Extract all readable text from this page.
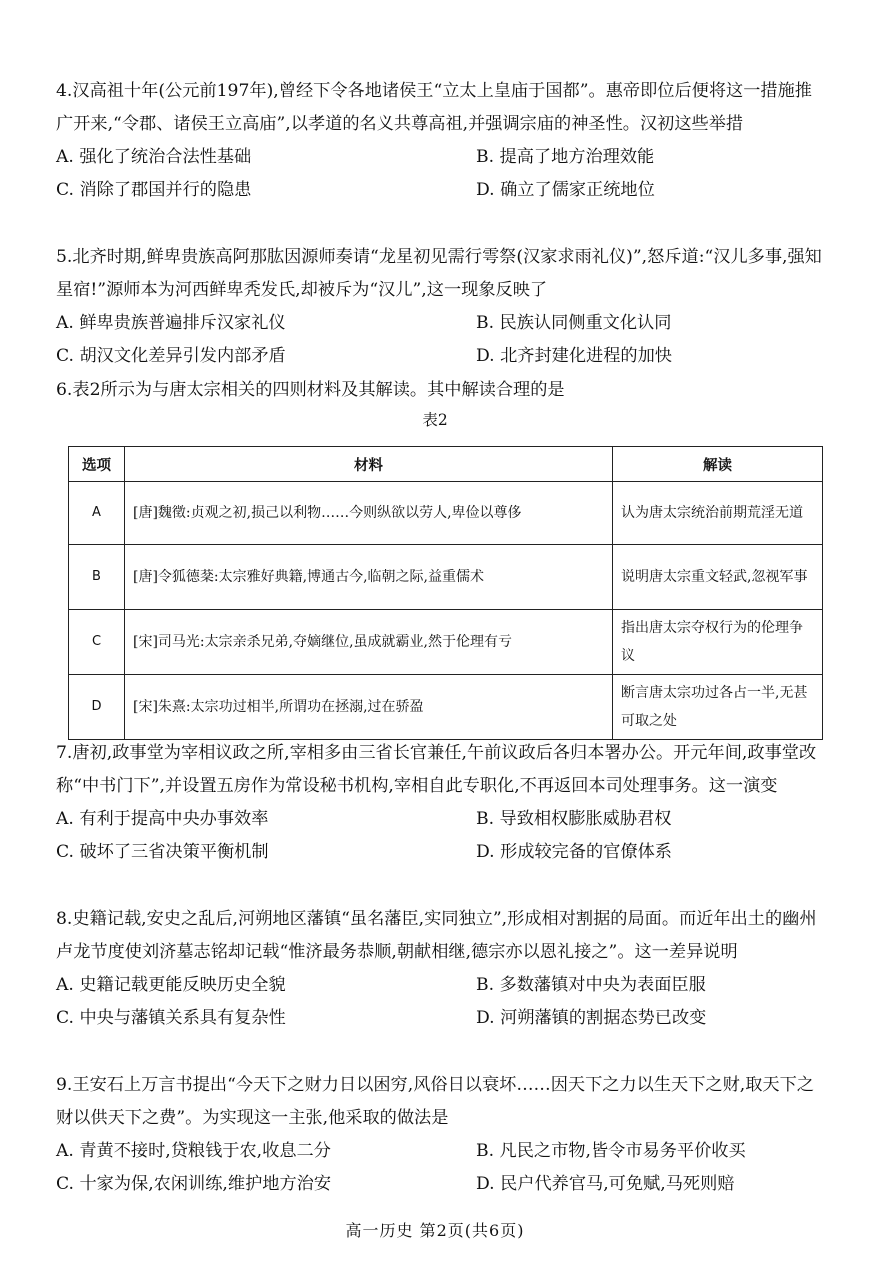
4.汉高祖十年(公元前197年),曾经下令各地诸侯王“立太上皇庙于国都”。惠帝即位后便将这一措施推广开来,“令郡、诸侯王立高庙”,以孝道的名义共尊高祖,并强调宗庙的神圣性。汉初这些举措

A. 强化了统治合法性基础	B. 提高了地方治理效能
C. 消除了郡国并行的隐患	D. 确立了儒家正统地位

5.北齐时期,鲜卑贵族高阿那肱因源师奏请“龙星初见需行雩祭(汉家求雨礼仪)”,怒斥道:“汉儿多事,强知星宿!”源师本为河西鲜卑秃发氏,却被斥为“汉儿”,这一现象反映了

A. 鲜卑贵族普遍排斥汉家礼仪	B. 民族认同侧重文化认同
C. 胡汉文化差异引发内部矛盾	D. 北齐封建化进程的加快

6.表2所示为与唐太宗相关的四则材料及其解读。其中解读合理的是

表2
选项	材料	解读
A	[唐]魏徵:贞观之初,损己以利物……今则纵欲以劳人,卑俭以尊侈	认为唐太宗统治前期荒淫无道
B	[唐]令狐德棻:太宗雅好典籍,博通古今,临朝之际,益重儒术	说明唐太宗重文轻武,忽视军事
C	[宋]司马光:太宗亲杀兄弟,夺嫡继位,虽成就霸业,然于伦理有亏	指出唐太宗夺权行为的伦理争议
D	[宋]朱熹:太宗功过相半,所谓功在拯溺,过在骄盈	断言唐太宗功过各占一半,无甚可取之处

7.唐初,政事堂为宰相议政之所,宰相多由三省长官兼任,午前议政后各归本署办公。开元年间,政事堂改称“中书门下”,并设置五房作为常设秘书机构,宰相自此专职化,不再返回本司处理事务。这一演变

A. 有利于提高中央办事效率	B. 导致相权膨胀威胁君权
C. 破坏了三省决策平衡机制	D. 形成较完备的官僚体系

8.史籍记载,安史之乱后,河朔地区藩镇“虽名藩臣,实同独立”,形成相对割据的局面。而近年出土的幽州卢龙节度使刘济墓志铭却记载“惟济最务恭顺,朝献相继,德宗亦以恩礼接之”。这一差异说明

A. 史籍记载更能反映历史全貌	B. 多数藩镇对中央为表面臣服
C. 中央与藩镇关系具有复杂性	D. 河朔藩镇的割据态势已改变

9.王安石上万言书提出“今天下之财力日以困穷,风俗日以衰坏……因天下之力以生天下之财,取天下之财以供天下之费”。为实现这一主张,他采取的做法是

A. 青黄不接时,贷粮钱于农,收息二分	B. 凡民之市物,皆令市易务平价收买
C. 十家为保,农闲训练,维护地方治安	D. 民户代养官马,可免赋,马死则赔
高一历史 第2页(共6页)
